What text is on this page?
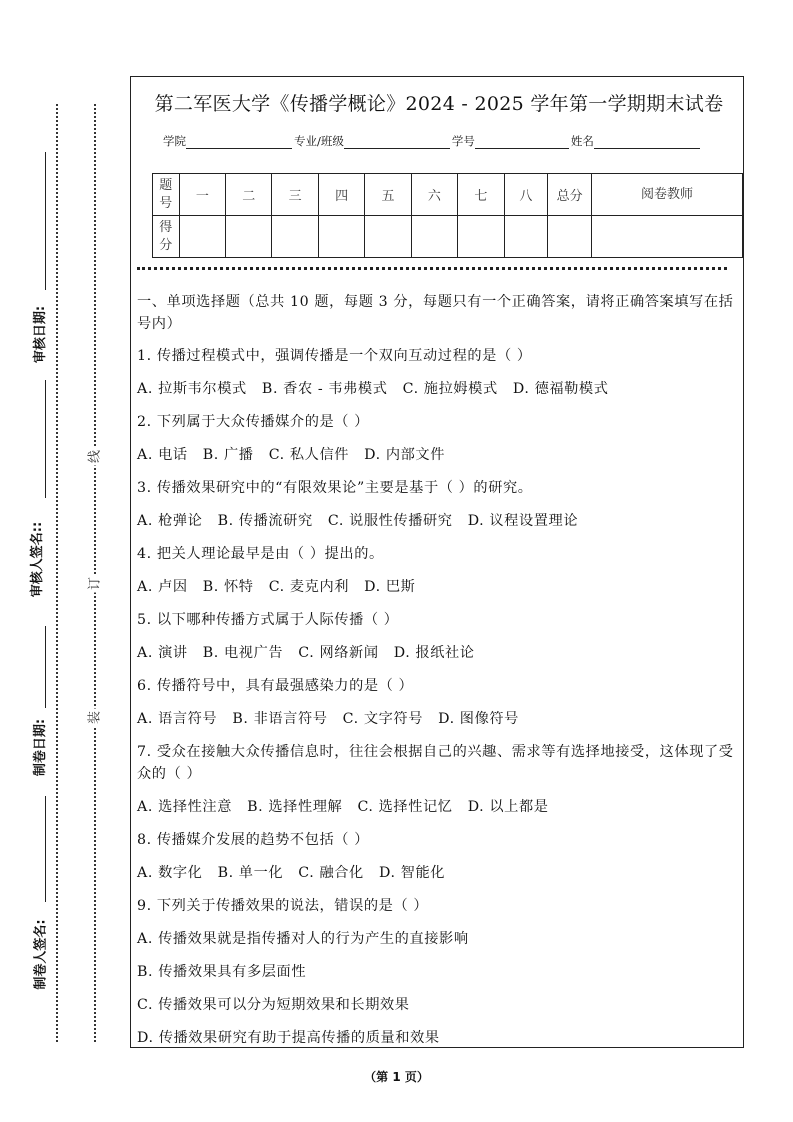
审核日期:
审核人签名::
制卷日期:
制卷人签名:
线
订
装
第二军医大学《传播学概论》2024 - 2025 学年第一学期期末试卷
学院	专业/班级	学号	姓名
题号	一	二	三	四	五	六	七	八	总分	阅卷教师
得分										

一、单项选择题（总共 10 题，每题 3 分，每题只有一个正确答案，请将正确答案填写在括号内）

1. 传播过程模式中，强调传播是一个双向互动过程的是（ ）

A. 拉斯韦尔模式 B. 香农 - 韦弗模式 C. 施拉姆模式 D. 德福勒模式

2. 下列属于大众传播媒介的是（ ）

A. 电话 B. 广播 C. 私人信件 D. 内部文件

3. 传播效果研究中的“有限效果论”主要是基于（ ）的研究。

A. 枪弹论 B. 传播流研究 C. 说服性传播研究 D. 议程设置理论

4. 把关人理论最早是由（ ）提出的。

A. 卢因 B. 怀特 C. 麦克内利 D. 巴斯

5. 以下哪种传播方式属于人际传播（ ）

A. 演讲 B. 电视广告 C. 网络新闻 D. 报纸社论

6. 传播符号中，具有最强感染力的是（ ）

A. 语言符号 B. 非语言符号 C. 文字符号 D. 图像符号

7. 受众在接触大众传播信息时，往往会根据自己的兴趣、需求等有选择地接受，这体现了受众的（ ）

A. 选择性注意 B. 选择性理解 C. 选择性记忆 D. 以上都是

8. 传播媒介发展的趋势不包括（ ）

A. 数字化 B. 单一化 C. 融合化 D. 智能化

9. 下列关于传播效果的说法，错误的是（ ）

A. 传播效果就是指传播对人的行为产生的直接影响

B. 传播效果具有多层面性

C. 传播效果可以分为短期效果和长期效果

D. 传播效果研究有助于提高传播的质量和效果

（第 1 页）
